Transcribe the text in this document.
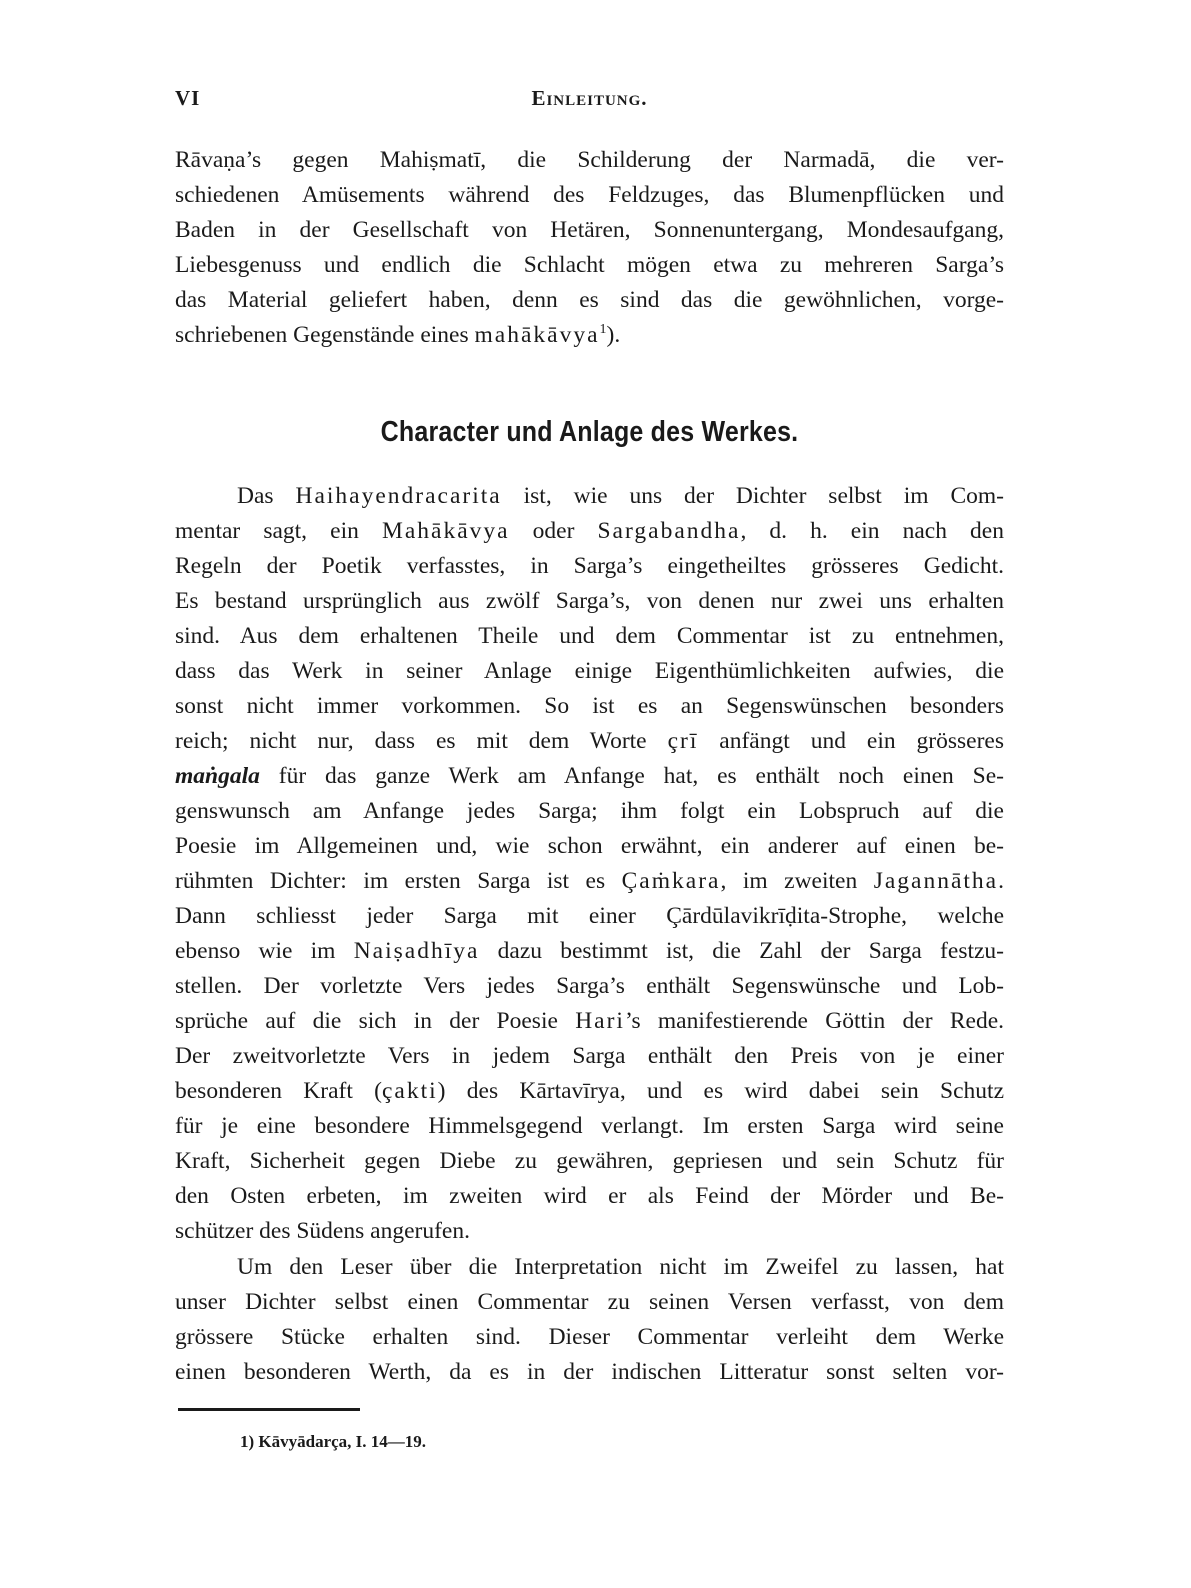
VI	Einleitung.
Rāvaṇa’s gegen Mahiṣmatī, die Schilderung der Narmadā, die ver-
schiedenen Amüsements während des Feldzuges, das Blumenpflücken und
Baden in der Gesellschaft von Hetären, Sonnenuntergang, Mondesaufgang,
Liebesgenuss und endlich die Schlacht mögen etwa zu mehreren Sarga’s
das Material geliefert haben, denn es sind das die gewöhnlichen, vorge-
schriebenen Gegenstände eines mahākāvya$^1$).
Character und Anlage des Werkes.
Das Haihayendracarita ist, wie uns der Dichter selbst im Com-
mentar sagt, ein Mahākāvya oder Sargabandha, d. h. ein nach den
Regeln der Poetik verfasstes, in Sarga’s eingetheiltes grösseres Gedicht.
Es bestand ursprünglich aus zwölf Sarga’s, von denen nur zwei uns erhalten
sind. Aus dem erhaltenen Theile und dem Commentar ist zu entnehmen,
dass das Werk in seiner Anlage einige Eigenthümlichkeiten aufwies, die
sonst nicht immer vorkommen. So ist es an Segenswünschen besonders
reich; nicht nur, dass es mit dem Worte çrī anfängt und ein grösseres
maṅgala für das ganze Werk am Anfange hat, es enthält noch einen Se-
genswunsch am Anfange jedes Sarga; ihm folgt ein Lobspruch auf die
Poesie im Allgemeinen und, wie schon erwähnt, ein anderer auf einen be-
rühmten Dichter: im ersten Sarga ist es Çaṁkara, im zweiten Jagannātha.
Dann schliesst jeder Sarga mit einer Çārdūlavikrīḍita-Strophe, welche
ebenso wie im Naiṣadhīya dazu bestimmt ist, die Zahl der Sarga festzu-
stellen. Der vorletzte Vers jedes Sarga’s enthält Segenswünsche und Lob-
sprüche auf die sich in der Poesie Hari’s manifestierende Göttin der Rede.
Der zweitvorletzte Vers in jedem Sarga enthält den Preis von je einer
besonderen Kraft (çakti) des Kārtavīrya, und es wird dabei sein Schutz
für je eine besondere Himmelsgegend verlangt. Im ersten Sarga wird seine
Kraft, Sicherheit gegen Diebe zu gewähren, gepriesen und sein Schutz für
den Osten erbeten, im zweiten wird er als Feind der Mörder und Be-
schützer des Südens angerufen.
Um den Leser über die Interpretation nicht im Zweifel zu lassen, hat
unser Dichter selbst einen Commentar zu seinen Versen verfasst, von dem
grössere Stücke erhalten sind. Dieser Commentar verleiht dem Werke
einen besonderen Werth, da es in der indischen Litteratur sonst selten vor-
1) Kāvyādarça, I. 14—19.
